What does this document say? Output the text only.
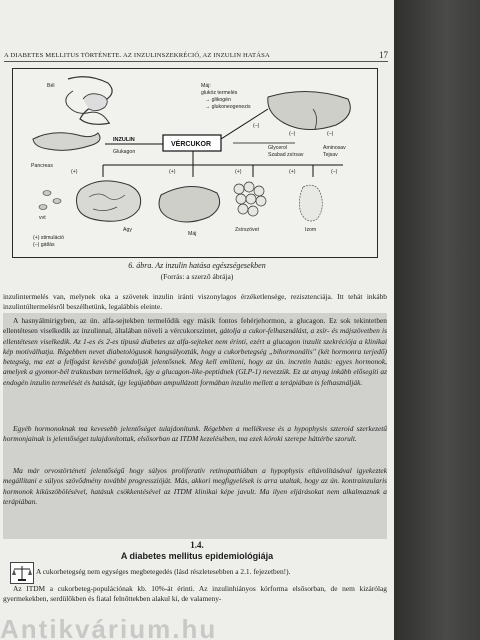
A DIABETES MELLITUS TÖRTÉNETE. AZ INZULINSZEKRÉCIÓ, AZ INZULIN HATÁSA	17
Bél
Pancreas
INZULIN
Glukagon
VÉRCUKOR
Máj:
glukóz termelés
→ glikogén
→ glukoneogenezis
(–)
(–)	(–)
Glycerol
Szabad zsírsav
Aminosav
Tejsav
(+)	(+)	(+)	(+)	(–)
Agy
vvt
Máj
Zsírszövet	Izom
(+) stimuláció
(–) gátlás
6. ábra. Az inzulin hatása egészségesekben
(Forrás: a szerző ábrája)

inzulintermelés van, melynek oka a szövetek inzulin iránti viszonylagos érzéketlensége, rezisztenciája. Itt tehát inkább inzulintúltermelésről beszélhetünk, legalábbis eleinte.

A hasnyálmirigyben, az ún. alfa-sejtekben termelődik egy másik fontos fehérjehormon, a glucagon. Ez sok tekintetben ellentétesen viselkedik az inzulinnal, általában növeli a vércukorszintet, gátolja a cukor-felhasználást, a zsír- és májszövetben is ellentétesen viselkedik. Az 1-es és 2-es típusú diabetes az alfa-sejteket nem érinti, ezért a glucagon inzulit szekréciója a klinikai kép motiválhatja. Régebben nevet diabetológusok hangsúlyozták, hogy a cukorbetegség „bihormonális" (két hormonra terjedő) betegség, ma ezt a felfogást kevésbé gondolják jelentősnek. Meg kell említeni, hogy az ún. incretin hatás: egyes hormonok, amelyek a gyomor-bél traktusban termelődnek, így a glucagon-like-peptidnek (GLP-1) nevezzük. Ez az anyag inkább elősegíti az endogén inzulin termelését és hatását, így legújabban ampullázott formában inzulin mellett a terápiában is felhasználják.

Egyéb hormonoknak ma kevesebb jelentőséget tulajdonítunk. Régebben a mellékvese és a hypophysis szteroid szerkezetű hormonjainak is jelentőséget tulajdonítottak, elsősorban az ITDM kezelésében, ma ezek kóroki szerepe háttérbe szorult.

Ma már orvostörténeti jelentőségű hogy súlyos proliferatív retinopathiában a hypophysis eltávolításával igyekeztek megállítani e súlyos szövődmény további progresszióját. Más, akkori megfigyelések is arra utaltak, hogy az ún. kontrainzularis hormonok kiküszöbölésével, hatásuk csökkentésével az ITDM klinikai képe javult. Ma ilyen eljárásokat nem alkalmaznak a terápiában.

1.4.
A diabetes mellitus epidemiológiája

A cukorbetegség nem egységes megbetegedés (lásd részletesebben a 2.1. fejezetben!).

Az ITDM a cukorbeteg-populációnak kb. 10%-át érinti. Az inzulinhiányos kórforma elsősorban, de nem kizárólag gyermekekben, serdülőkben és fiatal felnőttekben alakul ki, de valameny-

Antikvárium.hu
